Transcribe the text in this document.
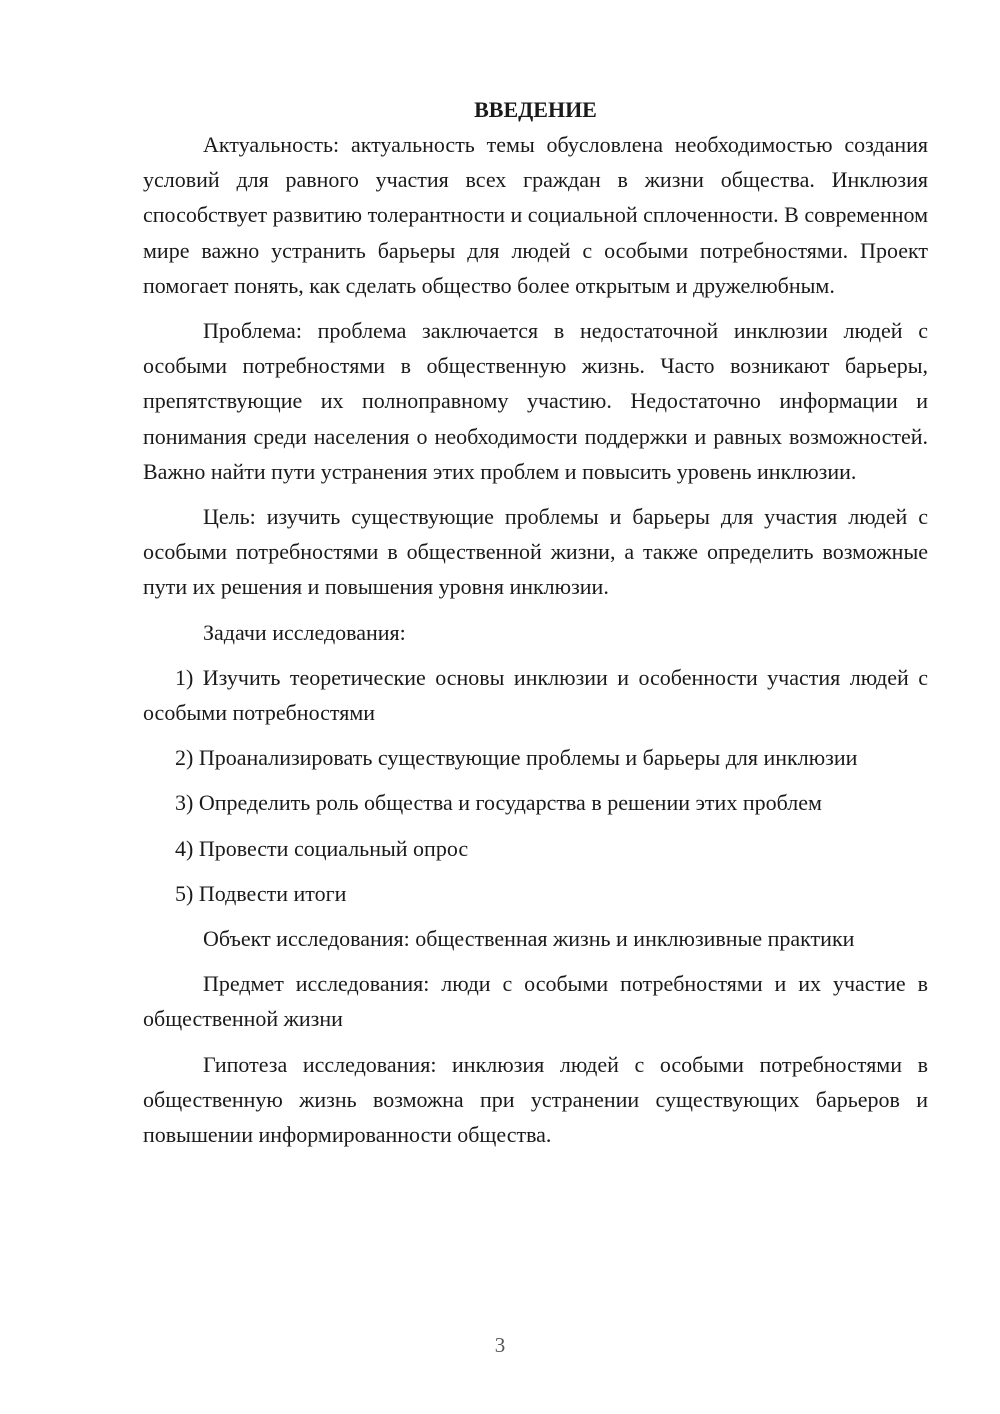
ВВЕДЕНИЕ

Актуальность: актуальность темы обусловлена необходимостью создания условий для равного участия всех граждан в жизни общества. Инклюзия способствует развитию толерантности и социальной сплоченности. В современном мире важно устранить барьеры для людей с особыми потребностями. Проект помогает понять, как сделать общество более открытым и дружелюбным.

Проблема: проблема заключается в недостаточной инклюзии людей с особыми потребностями в общественную жизнь. Часто возникают барьеры, препятствующие их полноправному участию. Недостаточно информации и понимания среди населения о необходимости поддержки и равных возможностей. Важно найти пути устранения этих проблем и повысить уровень инклюзии.

Цель: изучить существующие проблемы и барьеры для участия людей с особыми потребностями в общественной жизни, а также определить возможные пути их решения и повышения уровня инклюзии.

Задачи исследования:

1) Изучить теоретические основы инклюзии и особенности участия людей с особыми потребностями

2) Проанализировать существующие проблемы и барьеры для инклюзии

3) Определить роль общества и государства в решении этих проблем

4) Провести социальный опрос

5) Подвести итоги

Объект исследования: общественная жизнь и инклюзивные практики

Предмет исследования: люди с особыми потребностями и их участие в общественной жизни

Гипотеза исследования: инклюзия людей с особыми потребностями в общественную жизнь возможна при устранении существующих барьеров и повышении информированности общества.

3
